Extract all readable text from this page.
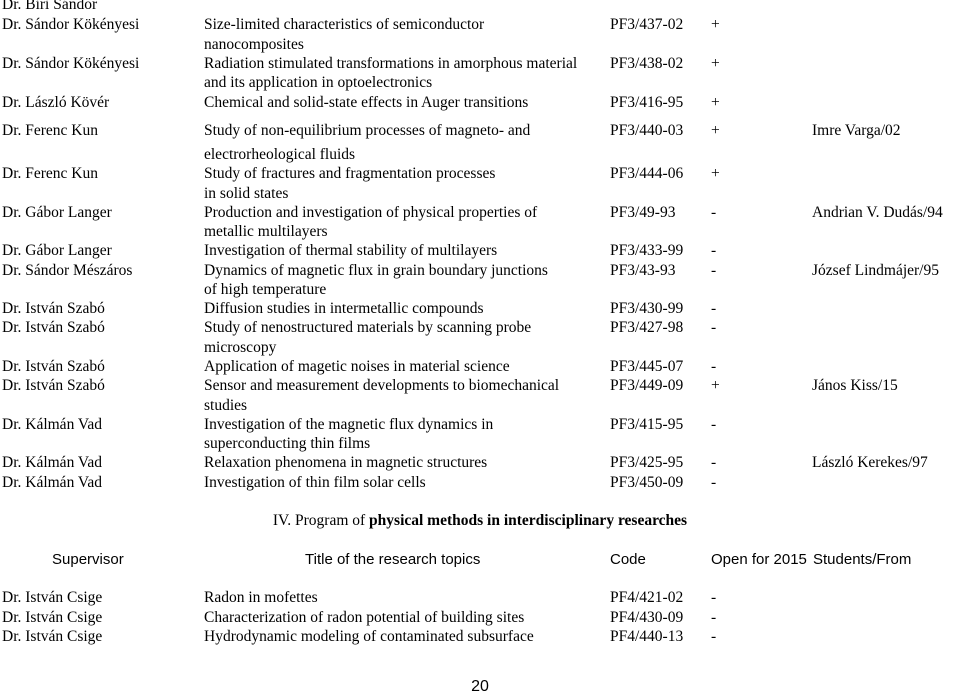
Dr. Biri Sándor
Dr. Sándor Kökényesi	Size-limited characteristics of semiconductor	PF3/437-02 +
nanocomposites
Dr. Sándor Kökényesi	Radiation stimulated transformations in amorphous material PF3/438-02 +
and its application in optoelectronics
Dr. László Kövér	Chemical and solid-state effects in Auger transitions	PF3/416-95 +
Dr. Ferenc Kun	Study of non-equilibrium processes of magneto- and	PF3/440-03 +	Imre Varga/02
electrorheological fluids
Dr. Ferenc Kun	Study of fractures and fragmentation processes	PF3/444-06 +
in solid states
Dr. Gábor Langer	Production and investigation of physical properties of	PF3/49-93 -	Andrian V. Dudás/94
metallic multilayers
Dr. Gábor Langer	Investigation of thermal stability of multilayers	PF3/433-99 -
Dr. Sándor Mészáros	Dynamics of magnetic flux in grain boundary junctions	PF3/43-93 -	József Lindmájer/95
of high temperature
Dr. István Szabó	Diffusion studies in intermetallic compounds	PF3/430-99 -
Dr. István Szabó	Study of nenostructured materials by scanning probe	PF3/427-98 -
microscopy
Dr. István Szabó	Application of magetic noises in material science	PF3/445-07 -
Dr. István Szabó	Sensor and measurement developments to biomechanical	PF3/449-09 +	János Kiss/15
studies
Dr. Kálmán Vad	Investigation of the magnetic flux dynamics in	PF3/415-95 -
superconducting thin films
Dr. Kálmán Vad	Relaxation phenomena in magnetic structures	PF3/425-95 -	László Kerekes/97
Dr. Kálmán Vad	Investigation of thin film solar cells	PF3/450-09 -
IV. Program of physical methods in interdisciplinary researches
Supervisor	Title of the research topics	Code	Open for 2015 Students/From
Dr. István Csige	Radon in mofettes	PF4/421-02 -
Dr. István Csige	Characterization of radon potential of building sites	PF4/430-09 -
Dr. István Csige	Hydrodynamic modeling of contaminated subsurface	PF4/440-13 -
20
